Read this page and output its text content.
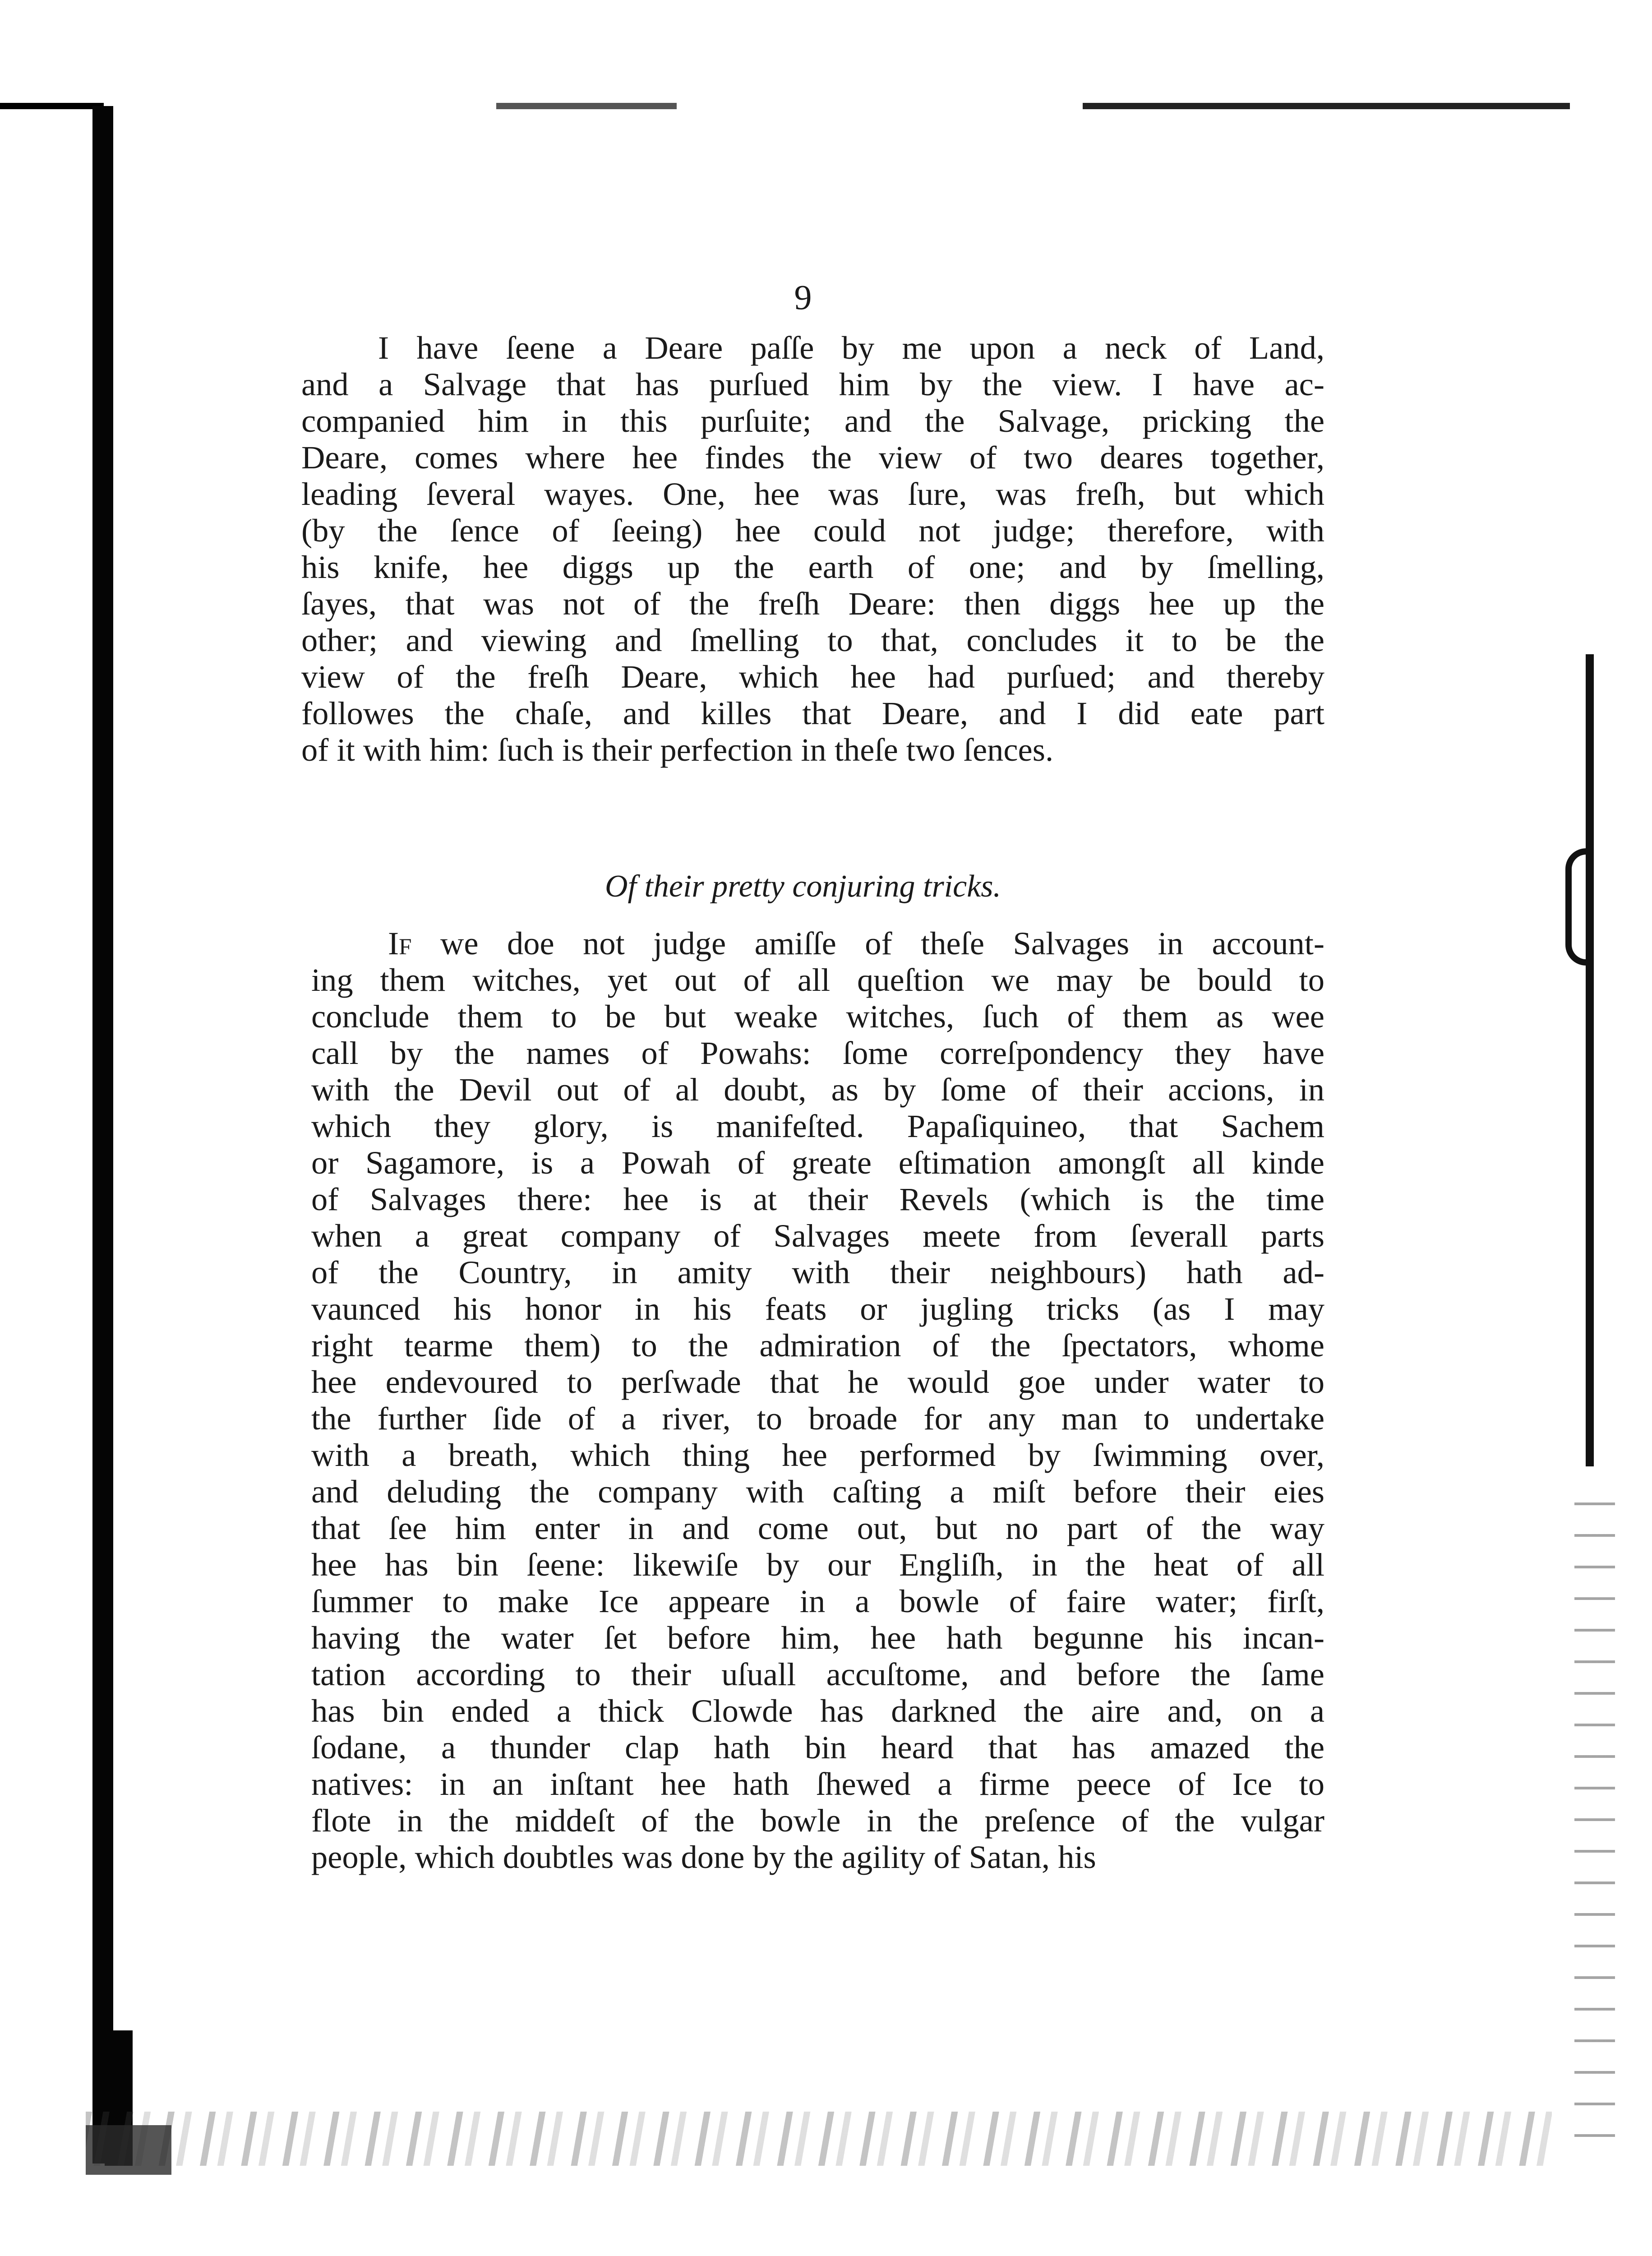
9
I have ſeene a Deare paſſe by me upon a neck of Land,
and a Salvage that has purſued him by the view. I have ac-
companied him in this purſuite; and the Salvage, pricking the
Deare, comes where hee findes the view of two deares together,
leading ſeveral wayes. One, hee was ſure, was freſh, but which
(by the ſence of ſeeing) hee could not judge; therefore, with
his knife, hee diggs up the earth of one; and by ſmelling,
ſayes, that was not of the freſh Deare: then diggs hee up the
other; and viewing and ſmelling to that, concludes it to be the
view of the freſh Deare, which hee had purſued; and thereby
followes the chaſe, and killes that Deare, and I did eate part
of it with him: ſuch is their perfection in theſe two ſences.
Of their pretty conjuring tricks.
If we doe not judge amiſſe of theſe Salvages in account-
ing them witches, yet out of all queſtion we may be bould to
conclude them to be but weake witches, ſuch of them as wee
call by the names of Powahs: ſome correſpondency they have
with the Devil out of al doubt, as by ſome of their accions, in
which they glory, is manifeſted. Papaſiquineo, that Sachem
or Sagamore, is a Powah of greate eſtimation amongſt all kinde
of Salvages there: hee is at their Revels (which is the time
when a great company of Salvages meete from ſeverall parts
of the Country, in amity with their neighbours) hath ad-
vaunced his honor in his feats or jugling tricks (as I may
right tearme them) to the admiration of the ſpectators, whome
hee endevoured to perſwade that he would goe under water to
the further ſide of a river, to broade for any man to undertake
with a breath, which thing hee performed by ſwimming over,
and deluding the company with caſting a miſt before their eies
that ſee him enter in and come out, but no part of the way
hee has bin ſeene: likewiſe by our Engliſh, in the heat of all
ſummer to make Ice appeare in a bowle of faire water; firſt,
having the water ſet before him, hee hath begunne his incan-
tation according to their uſuall accuſtome, and before the ſame
has bin ended a thick Clowde has darkned the aire and, on a
ſodane, a thunder clap hath bin heard that has amazed the
natives: in an inſtant hee hath ſhewed a firme peece of Ice to
flote in the middeſt of the bowle in the preſence of the vulgar
people, which doubtles was done by the agility of Satan, his
